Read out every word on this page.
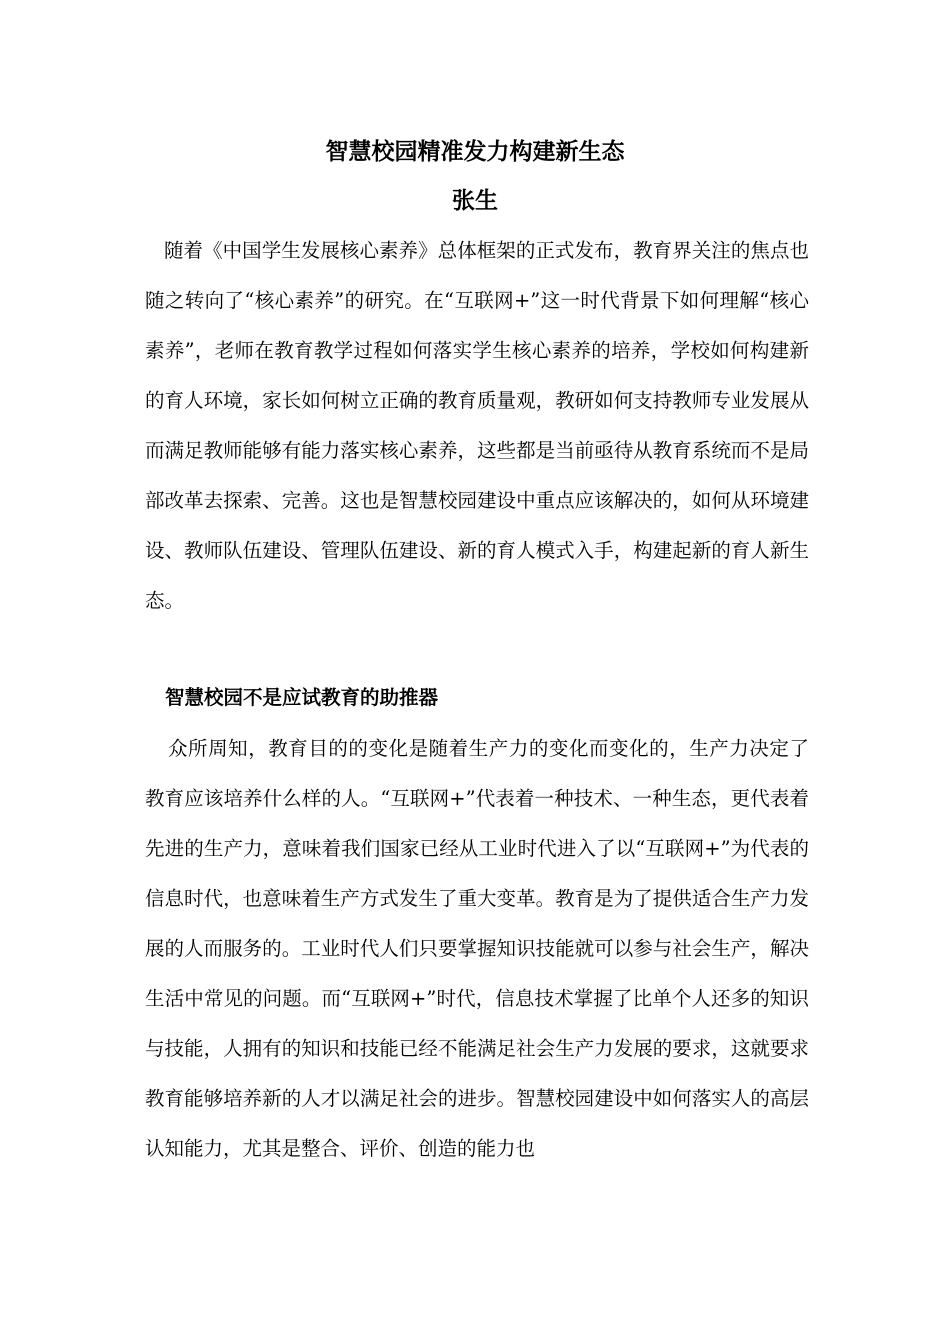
智慧校园精准发力构建新生态
张生

随着《中国学生发展核心素养》总体框架的正式发布，教育界关注的焦点也随之转向了“核心素养”的研究。在“互联网+”这一时代背景下如何理解“核心素养”，老师在教育教学过程如何落实学生核心素养的培养，学校如何构建新的育人环境，家长如何树立正确的教育质量观，教研如何支持教师专业发展从而满足教师能够有能力落实核心素养，这些都是当前亟待从教育系统而不是局部改革去探索、完善。这也是智慧校园建设中重点应该解决的，如何从环境建设、教师队伍建设、管理队伍建设、新的育人模式入手，构建起新的育人新生态。

智慧校园不是应试教育的助推器

众所周知，教育目的的变化是随着生产力的变化而变化的，生产力决定了教育应该培养什么样的人。“互联网+”代表着一种技术、一种生态，更代表着先进的生产力，意味着我们国家已经从工业时代进入了以“互联网+”为代表的信息时代，也意味着生产方式发生了重大变革。教育是为了提供适合生产力发展的人而服务的。工业时代人们只要掌握知识技能就可以参与社会生产，解决生活中常见的问题。而“互联网+”时代，信息技术掌握了比单个人还多的知识与技能，人拥有的知识和技能已经不能满足社会生产力发展的要求，这就要求教育能够培养新的人才以满足社会的进步。智慧校园建设中如何落实人的高层认知能力，尤其是整合、评价、创造的能力也
